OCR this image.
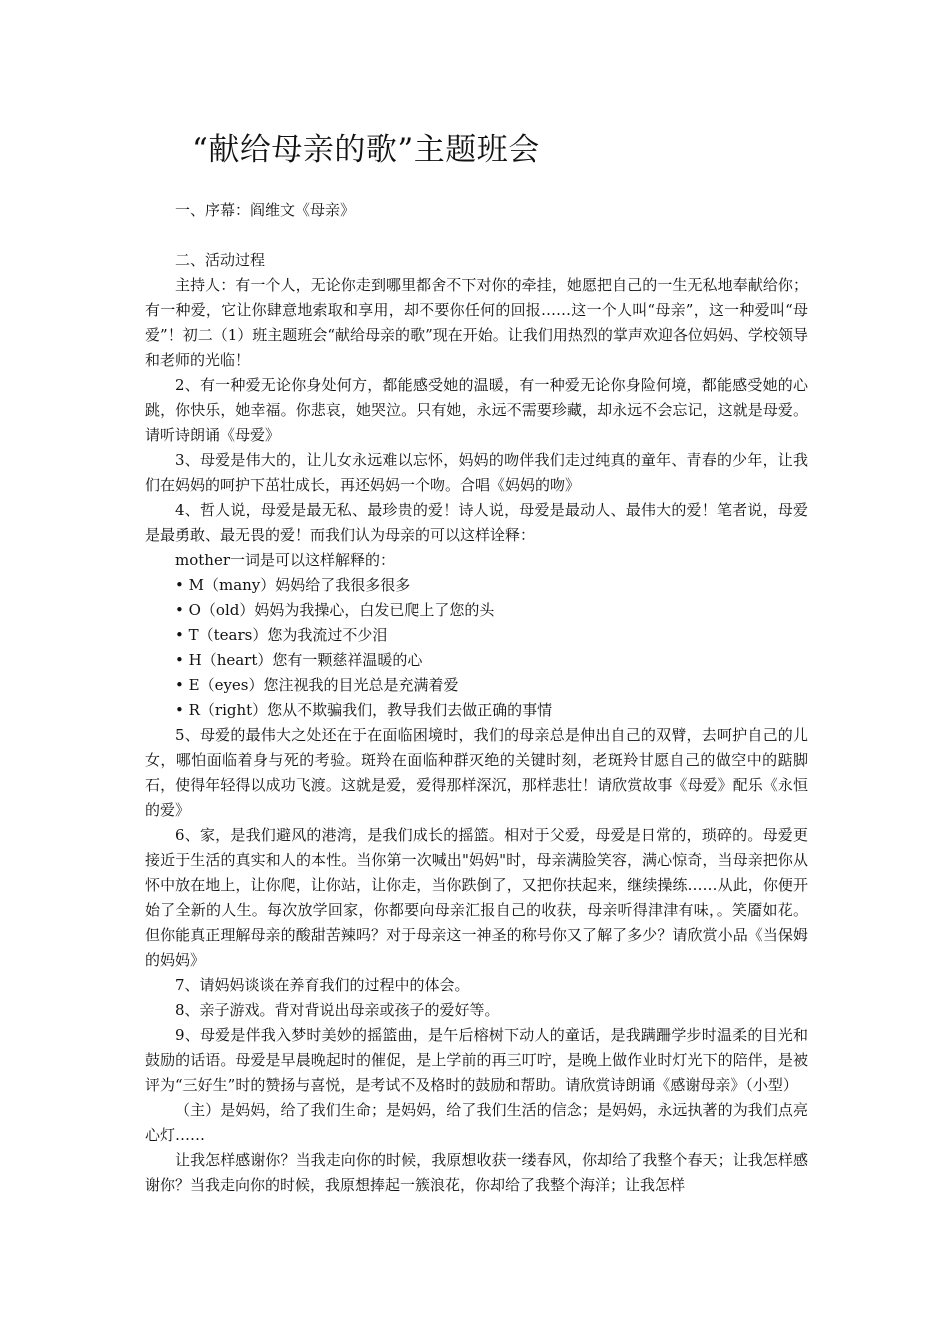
“献给母亲的歌”主题班会

一、序幕：阎维文《母亲》

二、活动过程

主持人：有一个人，无论你走到哪里都舍不下对你的牵挂，她愿把自己的一生无私地奉献给你；有一种爱，它让你肆意地索取和享用，却不要你任何的回报……这一个人叫“母亲”，这一种爱叫“母爱”！初二（1）班主题班会“献给母亲的歌”现在开始。让我们用热烈的掌声欢迎各位妈妈、学校领导和老师的光临！

2、有一种爱无论你身处何方，都能感受她的温暖，有一种爱无论你身险何境，都能感受她的心跳，你快乐，她幸福。你悲哀，她哭泣。只有她，永远不需要珍藏，却永远不会忘记，这就是母爱。请听诗朗诵《母爱》

3、母爱是伟大的，让儿女永远难以忘怀，妈妈的吻伴我们走过纯真的童年、青春的少年，让我们在妈妈的呵护下茁壮成长，再还妈妈一个吻。合唱《妈妈的吻》

4、哲人说，母爱是最无私、最珍贵的爱！诗人说，母爱是最动人、最伟大的爱！笔者说，母爱是最勇敢、最无畏的爱！而我们认为母亲的可以这样诠释：

mother一词是可以这样解释的：

• M（many）妈妈给了我很多很多

• O（old）妈妈为我操心，白发已爬上了您的头

• T（tears）您为我流过不少泪

• H（heart）您有一颗慈祥温暖的心

• E（eyes）您注视我的目光总是充满着爱

• R（right）您从不欺骗我们，教导我们去做正确的事情

5、母爱的最伟大之处还在于在面临困境时，我们的母亲总是伸出自己的双臂，去呵护自己的儿女，哪怕面临着身与死的考验。斑羚在面临种群灭绝的关键时刻，老斑羚甘愿自己的做空中的踮脚石，使得年轻得以成功飞渡。这就是爱，爱得那样深沉，那样悲壮！请欣赏故事《母爱》配乐《永恒的爱》

6、家，是我们避风的港湾，是我们成长的摇篮。相对于父爱，母爱是日常的，琐碎的。母爱更接近于生活的真实和人的本性。当你第一次喊出"妈妈"时，母亲满脸笑容，满心惊奇，当母亲把你从怀中放在地上，让你爬，让你站，让你走，当你跌倒了，又把你扶起来，继续操练……从此，你便开始了全新的人生。每次放学回家，你都要向母亲汇报自己的收获，母亲听得津津有味，。笑靥如花。但你能真正理解母亲的酸甜苦辣吗？对于母亲这一神圣的称号你又了解了多少？请欣赏小品《当保姆的妈妈》

7、请妈妈谈谈在养育我们的过程中的体会。

8、亲子游戏。背对背说出母亲或孩子的爱好等。

9、母爱是伴我入梦时美妙的摇篮曲，是午后榕树下动人的童话，是我蹒跚学步时温柔的目光和鼓励的话语。母爱是早晨晚起时的催促，是上学前的再三叮咛，是晚上做作业时灯光下的陪伴，是被评为“三好生”时的赞扬与喜悦，是考试不及格时的鼓励和帮助。请欣赏诗朗诵《感谢母亲》（小型）

（主）是妈妈，给了我们生命；是妈妈，给了我们生活的信念；是妈妈，永远执著的为我们点亮心灯……

让我怎样感谢你？当我走向你的时候，我原想收获一缕春风，你却给了我整个春天；让我怎样感谢你？当我走向你的时候，我原想捧起一簇浪花，你却给了我整个海洋；让我怎样
